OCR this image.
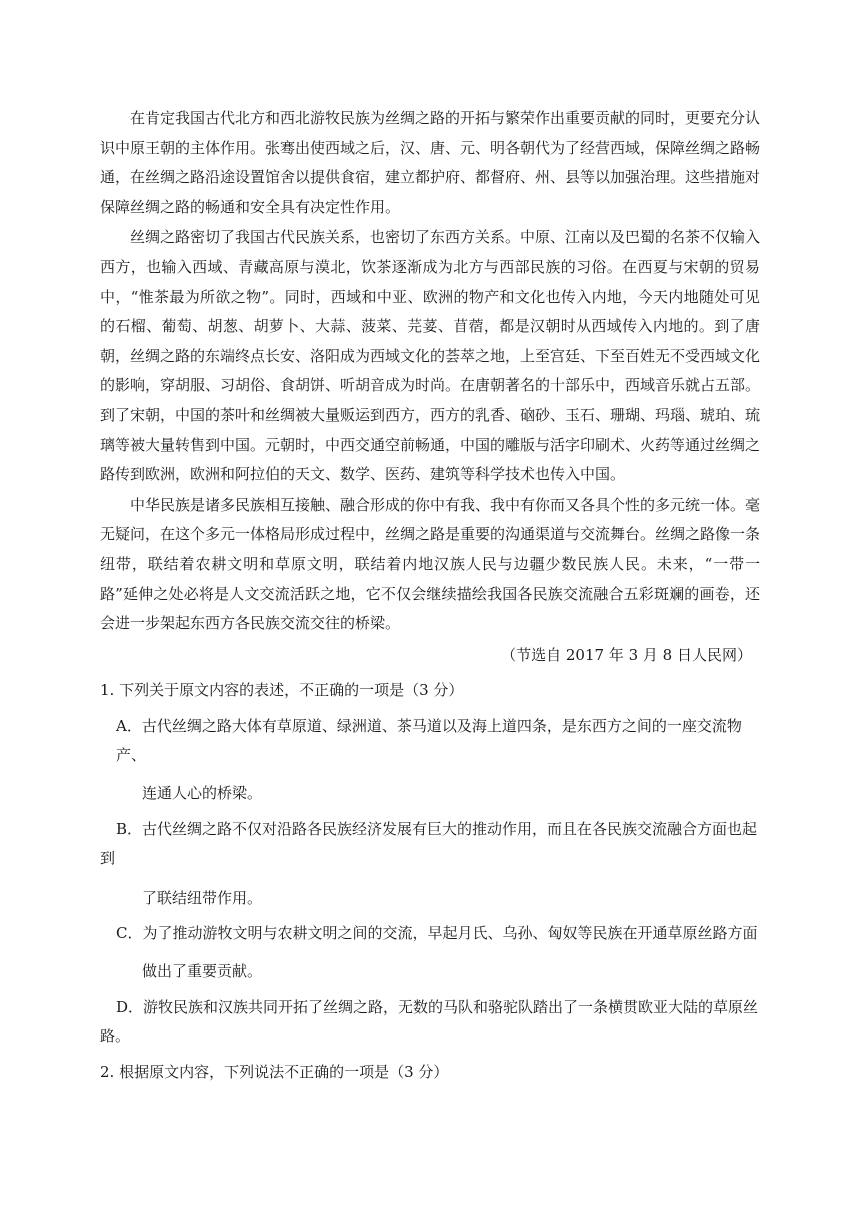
在肯定我国古代北方和西北游牧民族为丝绸之路的开拓与繁荣作出重要贡献的同时，更要充分认识中原王朝的主体作用。张骞出使西域之后，汉、唐、元、明各朝代为了经营西域，保障丝绸之路畅通，在丝绸之路沿途设置馆舍以提供食宿，建立都护府、都督府、州、县等以加强治理。这些措施对保障丝绸之路的畅通和安全具有决定性作用。

丝绸之路密切了我国古代民族关系，也密切了东西方关系。中原、江南以及巴蜀的名茶不仅输入西方，也输入西域、青藏高原与漠北，饮茶逐渐成为北方与西部民族的习俗。在西夏与宋朝的贸易中，“惟茶最为所欲之物”。同时，西域和中亚、欧洲的物产和文化也传入内地，今天内地随处可见的石榴、葡萄、胡葱、胡萝卜、大蒜、菠菜、芫荽、苜蓿，都是汉朝时从西域传入内地的。到了唐朝，丝绸之路的东端终点长安、洛阳成为西域文化的荟萃之地，上至宫廷、下至百姓无不受西域文化的影响，穿胡服、习胡俗、食胡饼、听胡音成为时尚。在唐朝著名的十部乐中，西域音乐就占五部。到了宋朝，中国的茶叶和丝绸被大量贩运到西方，西方的乳香、硇砂、玉石、珊瑚、玛瑙、琥珀、琉璃等被大量转售到中国。元朝时，中西交通空前畅通，中国的雕版与活字印刷术、火药等通过丝绸之路传到欧洲，欧洲和阿拉伯的天文、数学、医药、建筑等科学技术也传入中国。

中华民族是诸多民族相互接触、融合形成的你中有我、我中有你而又各具个性的多元统一体。毫无疑问，在这个多元一体格局形成过程中，丝绸之路是重要的沟通渠道与交流舞台。丝绸之路像一条纽带，联结着农耕文明和草原文明，联结着内地汉族人民与边疆少数民族人民。未来，“一带一路”延伸之处必将是人文交流活跃之地，它不仅会继续描绘我国各民族交流融合五彩斑斓的画卷，还会进一步架起东西方各民族交流交往的桥梁。

（节选自 2017 年 3 月 8 日人民网）

1. 下列关于原文内容的表述，不正确的一项是（3 分）

A．古代丝绸之路大体有草原道、绿洲道、茶马道以及海上道四条，是东西方之间的一座交流物产、
连通人心的桥梁。
B．古代丝绸之路不仅对沿路各民族经济发展有巨大的推动作用，而且在各民族交流融合方面也起
到
了联结纽带作用。
C．为了推动游牧文明与农耕文明之间的交流，早起月氏、乌孙、匈奴等民族在开通草原丝路方面
做出了重要贡献。
D．游牧民族和汉族共同开拓了丝绸之路，无数的马队和骆驼队踏出了一条横贯欧亚大陆的草原丝
路。

2. 根据原文内容，下列说法不正确的一项是（3 分）
